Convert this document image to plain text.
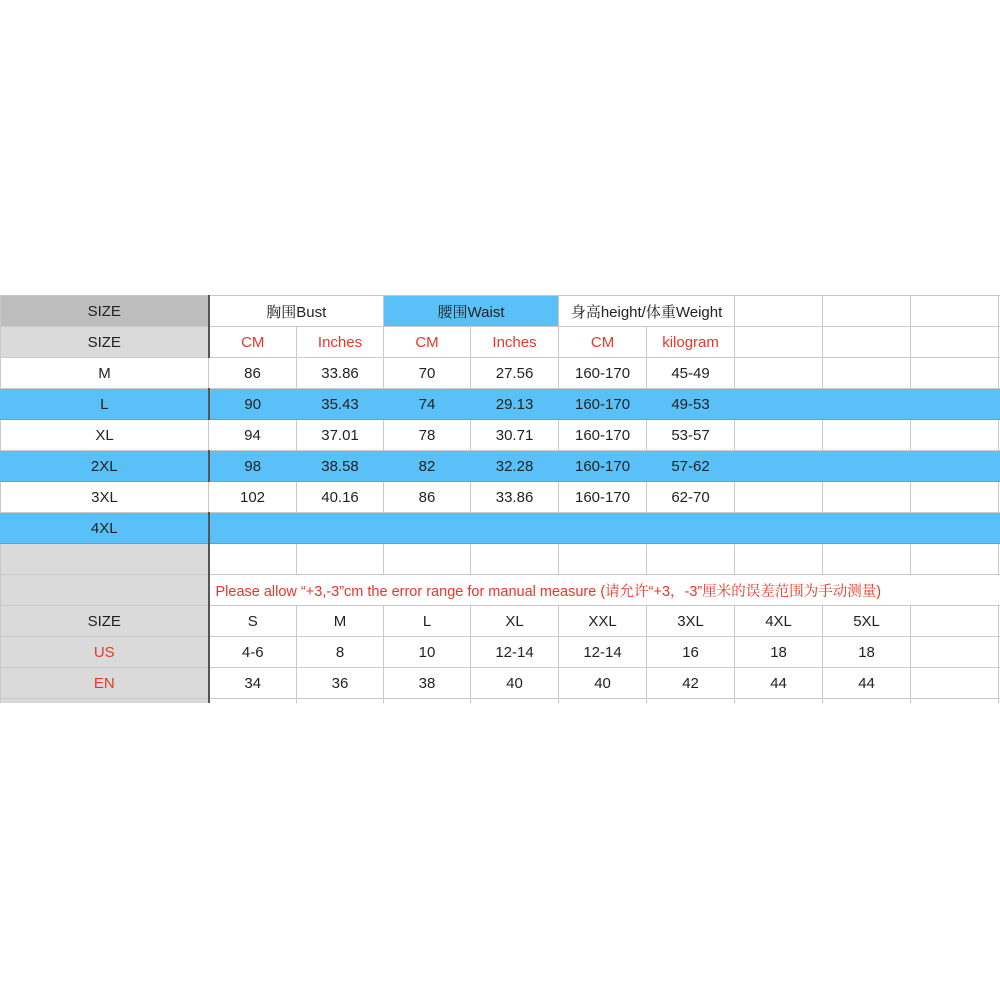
SIZE	胸围Bust		腰围Waist		身高height/体重Weight					
SIZE	CM	Inches	CM	Inches	CM	kilogram				
M	86	33.86	70	27.56	160-170	45-49				
L	90	35.43	74	29.13	160-170	49-53				
XL	94	37.01	78	30.71	160-170	53-57				
2XL	98	38.58	82	32.28	160-170	57-62				
3XL	102	40.16	86	33.86	160-170	62-70				
4XL										

	Please allow “+3,-3”cm the error range for manual measure (请允许“+3，-3”厘米的误差范围为手动测量)									
SIZE	S	M	L	XL	XXL	3XL	4XL	5XL		
US	4-6	8	10	12-14	12-14	16	18	18		
EN	34	36	38	40	40	42	44	44		
